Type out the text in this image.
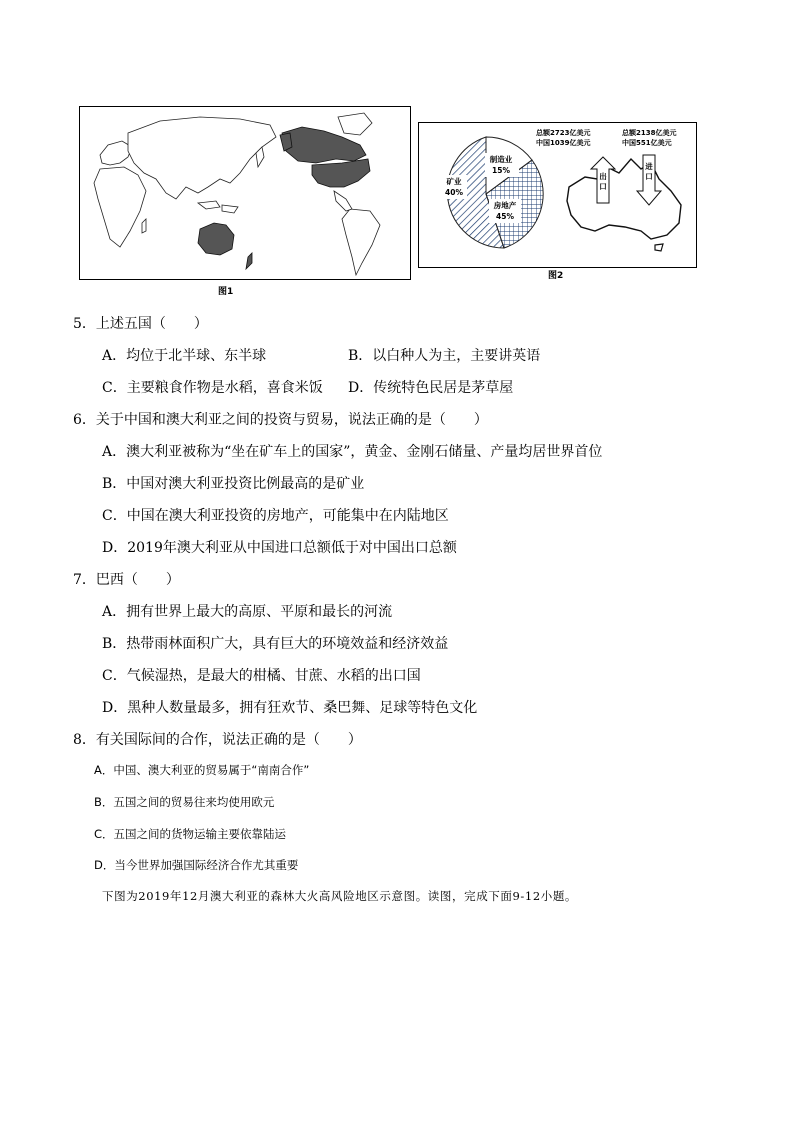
图1
制造业
15%
矿业
40%
房地产
45%
总额2723亿美元
中国1039亿美元
总额2138亿美元
中国551亿美元
出
口
进
口
图2
5．上述五国（　　）
A．均位于北半球、东半球	B．以白种人为主，主要讲英语
C．主要粮食作物是水稻，喜食米饭 D．传统特色民居是茅草屋
6．关于中国和澳大利亚之间的投资与贸易，说法正确的是（　　）
A．澳大利亚被称为“坐在矿车上的国家”，黄金、金刚石储量、产量均居世界首位
B．中国对澳大利亚投资比例最高的是矿业
C．中国在澳大利亚投资的房地产，可能集中在内陆地区
D．2019年澳大利亚从中国进口总额低于对中国出口总额
7．巴西（　　）
A．拥有世界上最大的高原、平原和最长的河流
B．热带雨林面积广大，具有巨大的环境效益和经济效益
C．气候湿热，是最大的柑橘、甘蔗、水稻的出口国
D．黑种人数量最多，拥有狂欢节、桑巴舞、足球等特色文化
8．有关国际间的合作，说法正确的是（　　）
A．中国、澳大利亚的贸易属于“南南合作”
B．五国之间的贸易往来均使用欧元
C．五国之间的货物运输主要依靠陆运
D．当今世界加强国际经济合作尤其重要
下图为2019年12月澳大利亚的森林大火高风险地区示意图。读图，完成下面9-12小题。
